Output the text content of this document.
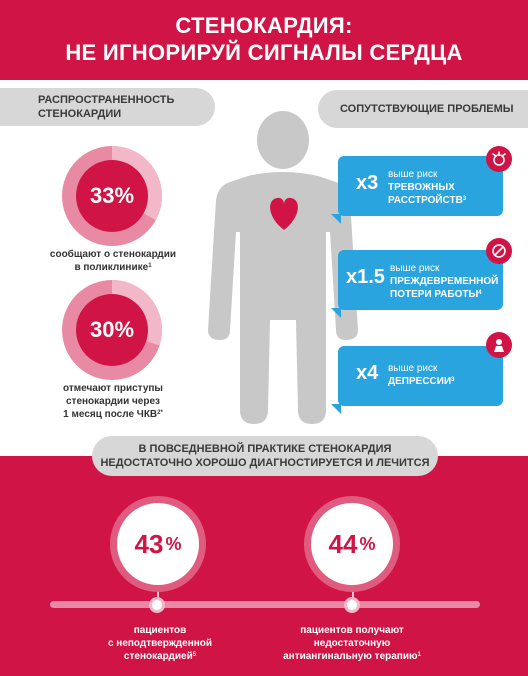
СТЕНОКАРДИЯ:
НЕ ИГНОРИРУЙ СИГНАЛЫ СЕРДЦА
РАСПРОСТРАНЕННОСТЬ
СТЕНОКАРДИИ	СОПУТСТВУЮЩИЕ ПРОБЛЕМЫ
33%
сообщают о стенокардии
в поликлинике$^1$
30%
отмечают приступы
стенокардии через
1 месяц после $ЧКВ^{2*}$
x3 выше риск
ТРЕВОЖНЫХ
РАССТРОЙСТВ$^3$
x1.5 выше риск
ПРЕЖДЕВРЕМЕННОЙ
ПОТЕРИ РАБОТЫ$^4$
x4 выше риск
ДЕПРЕССИИ$^3$
В ПОВСЕДНЕВНОЙ ПРАКТИКЕ СТЕНОКАРДИЯ
НЕДОСТАТОЧНО ХОРОШО ДИАГНОСТИРУЕТСЯ И ЛЕЧИТСЯ
43 %
пациентов
с неподтвержденной
стенокардией$^5$
44 %
пациентов получают
недостаточную
антиангинальную терапию$^1$
